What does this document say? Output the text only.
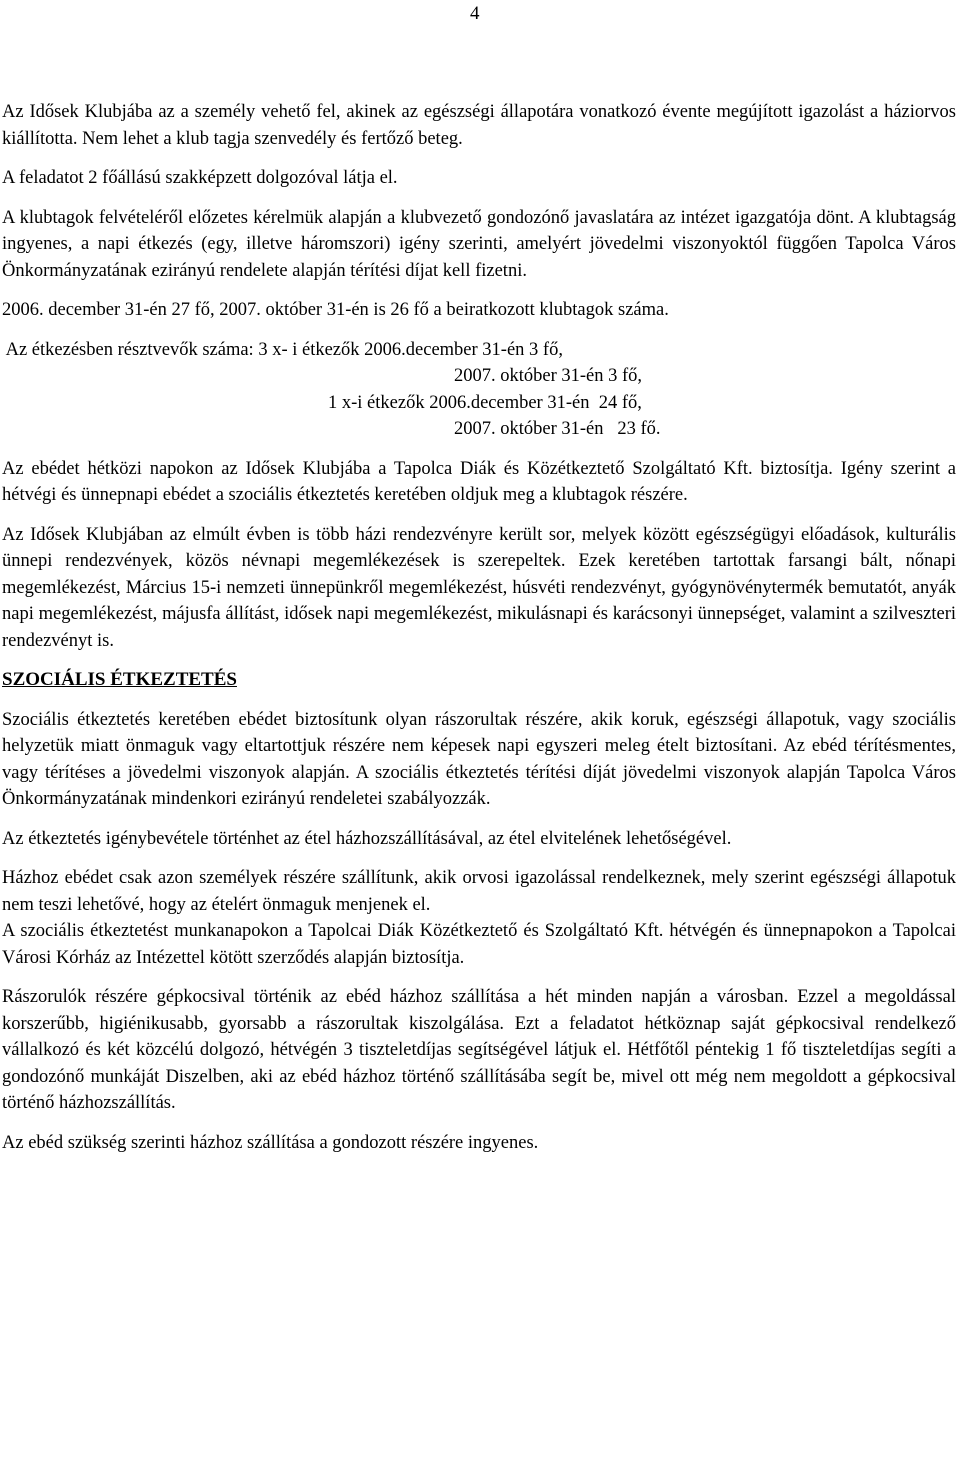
4

Az Idősek Klubjába az a személy vehető fel, akinek az egészségi állapotára vonatkozó évente megújított igazolást a háziorvos kiállította. Nem lehet a klub tagja szenvedély és fertőző beteg.

A feladatot 2 főállású szakképzett dolgozóval látja el.

A klubtagok felvételéről előzetes kérelmük alapján a klubvezető gondozónő javaslatára az intézet igazgatója dönt. A klubtagság ingyenes, a napi étkezés (egy, illetve háromszori) igény szerinti, amelyért jövedelmi viszonyoktól függően Tapolca Város Önkormányzatának ezirányú rendelete alapján térítési díjat kell fizetni.

2006. december 31-én 27 fő, 2007. október 31-én is 26 fő a beiratkozott klubtagok száma.

Az étkezésben résztvevők száma: 3 x- i étkezők 2006.december 31-én 3 fő,

2007. október 31-én 3 fő,

1 x-i étkezők 2006.december 31-én  24 fő,

2007. október 31-én   23 fő.

Az ebédet hétközi napokon az Idősek Klubjába a Tapolca Diák és Közétkeztető Szolgáltató Kft. biztosítja. Igény szerint a hétvégi és ünnepnapi ebédet a szociális étkeztetés keretében oldjuk meg a klubtagok részére.

Az Idősek Klubjában az elmúlt évben is több házi rendezvényre került sor, melyek között egészségügyi előadások, kulturális ünnepi rendezvények, közös névnapi megemlékezések is szerepeltek. Ezek keretében tartottak farsangi bált, nőnapi megemlékezést, Március 15-i nemzeti ünnepünkről megemlékezést, húsvéti rendezvényt, gyógynövénytermék bemutatót, anyák napi megemlékezést, májusfa állítást, idősek napi megemlékezést, mikulásnapi és karácsonyi ünnepséget, valamint a szilveszteri rendezvényt is.

SZOCIÁLIS ÉTKEZTETÉS

Szociális étkeztetés keretében ebédet biztosítunk olyan rászorultak részére, akik koruk, egészségi állapotuk, vagy szociális helyzetük miatt önmaguk vagy eltartottjuk részére nem képesek napi egyszeri meleg ételt biztosítani. Az ebéd térítésmentes, vagy térítéses a jövedelmi viszonyok alapján. A szociális étkeztetés térítési díját jövedelmi viszonyok alapján Tapolca Város Önkormányzatának mindenkori ezirányú rendeletei szabályozzák.

Az étkeztetés igénybevétele történhet az étel házhozszállításával, az étel elvitelének lehetőségével.

Házhoz ebédet csak azon személyek részére szállítunk, akik orvosi igazolással rendelkeznek, mely szerint egészségi állapotuk nem teszi lehetővé, hogy az ételért önmaguk menjenek el.

A szociális étkeztetést munkanapokon a Tapolcai Diák Közétkeztető és Szolgáltató Kft. hétvégén és ünnepnapokon a Tapolcai Városi Kórház az Intézettel kötött szerződés alapján biztosítja.

Rászorulók részére gépkocsival történik az ebéd házhoz szállítása a hét minden napján a városban. Ezzel a megoldással korszerűbb, higiénikusabb, gyorsabb a rászorultak kiszolgálása. Ezt a feladatot hétköznap saját gépkocsival rendelkező vállalkozó és két közcélú dolgozó, hétvégén 3 tiszteletdíjas segítségével látjuk el. Hétfőtől péntekig 1 fő tiszteletdíjas segíti a gondozónő munkáját Diszelben, aki az ebéd házhoz történő szállításába segít be, mivel ott még nem megoldott a gépkocsival történő házhozszállítás.

Az ebéd szükség szerinti házhoz szállítása a gondozott részére ingyenes.
